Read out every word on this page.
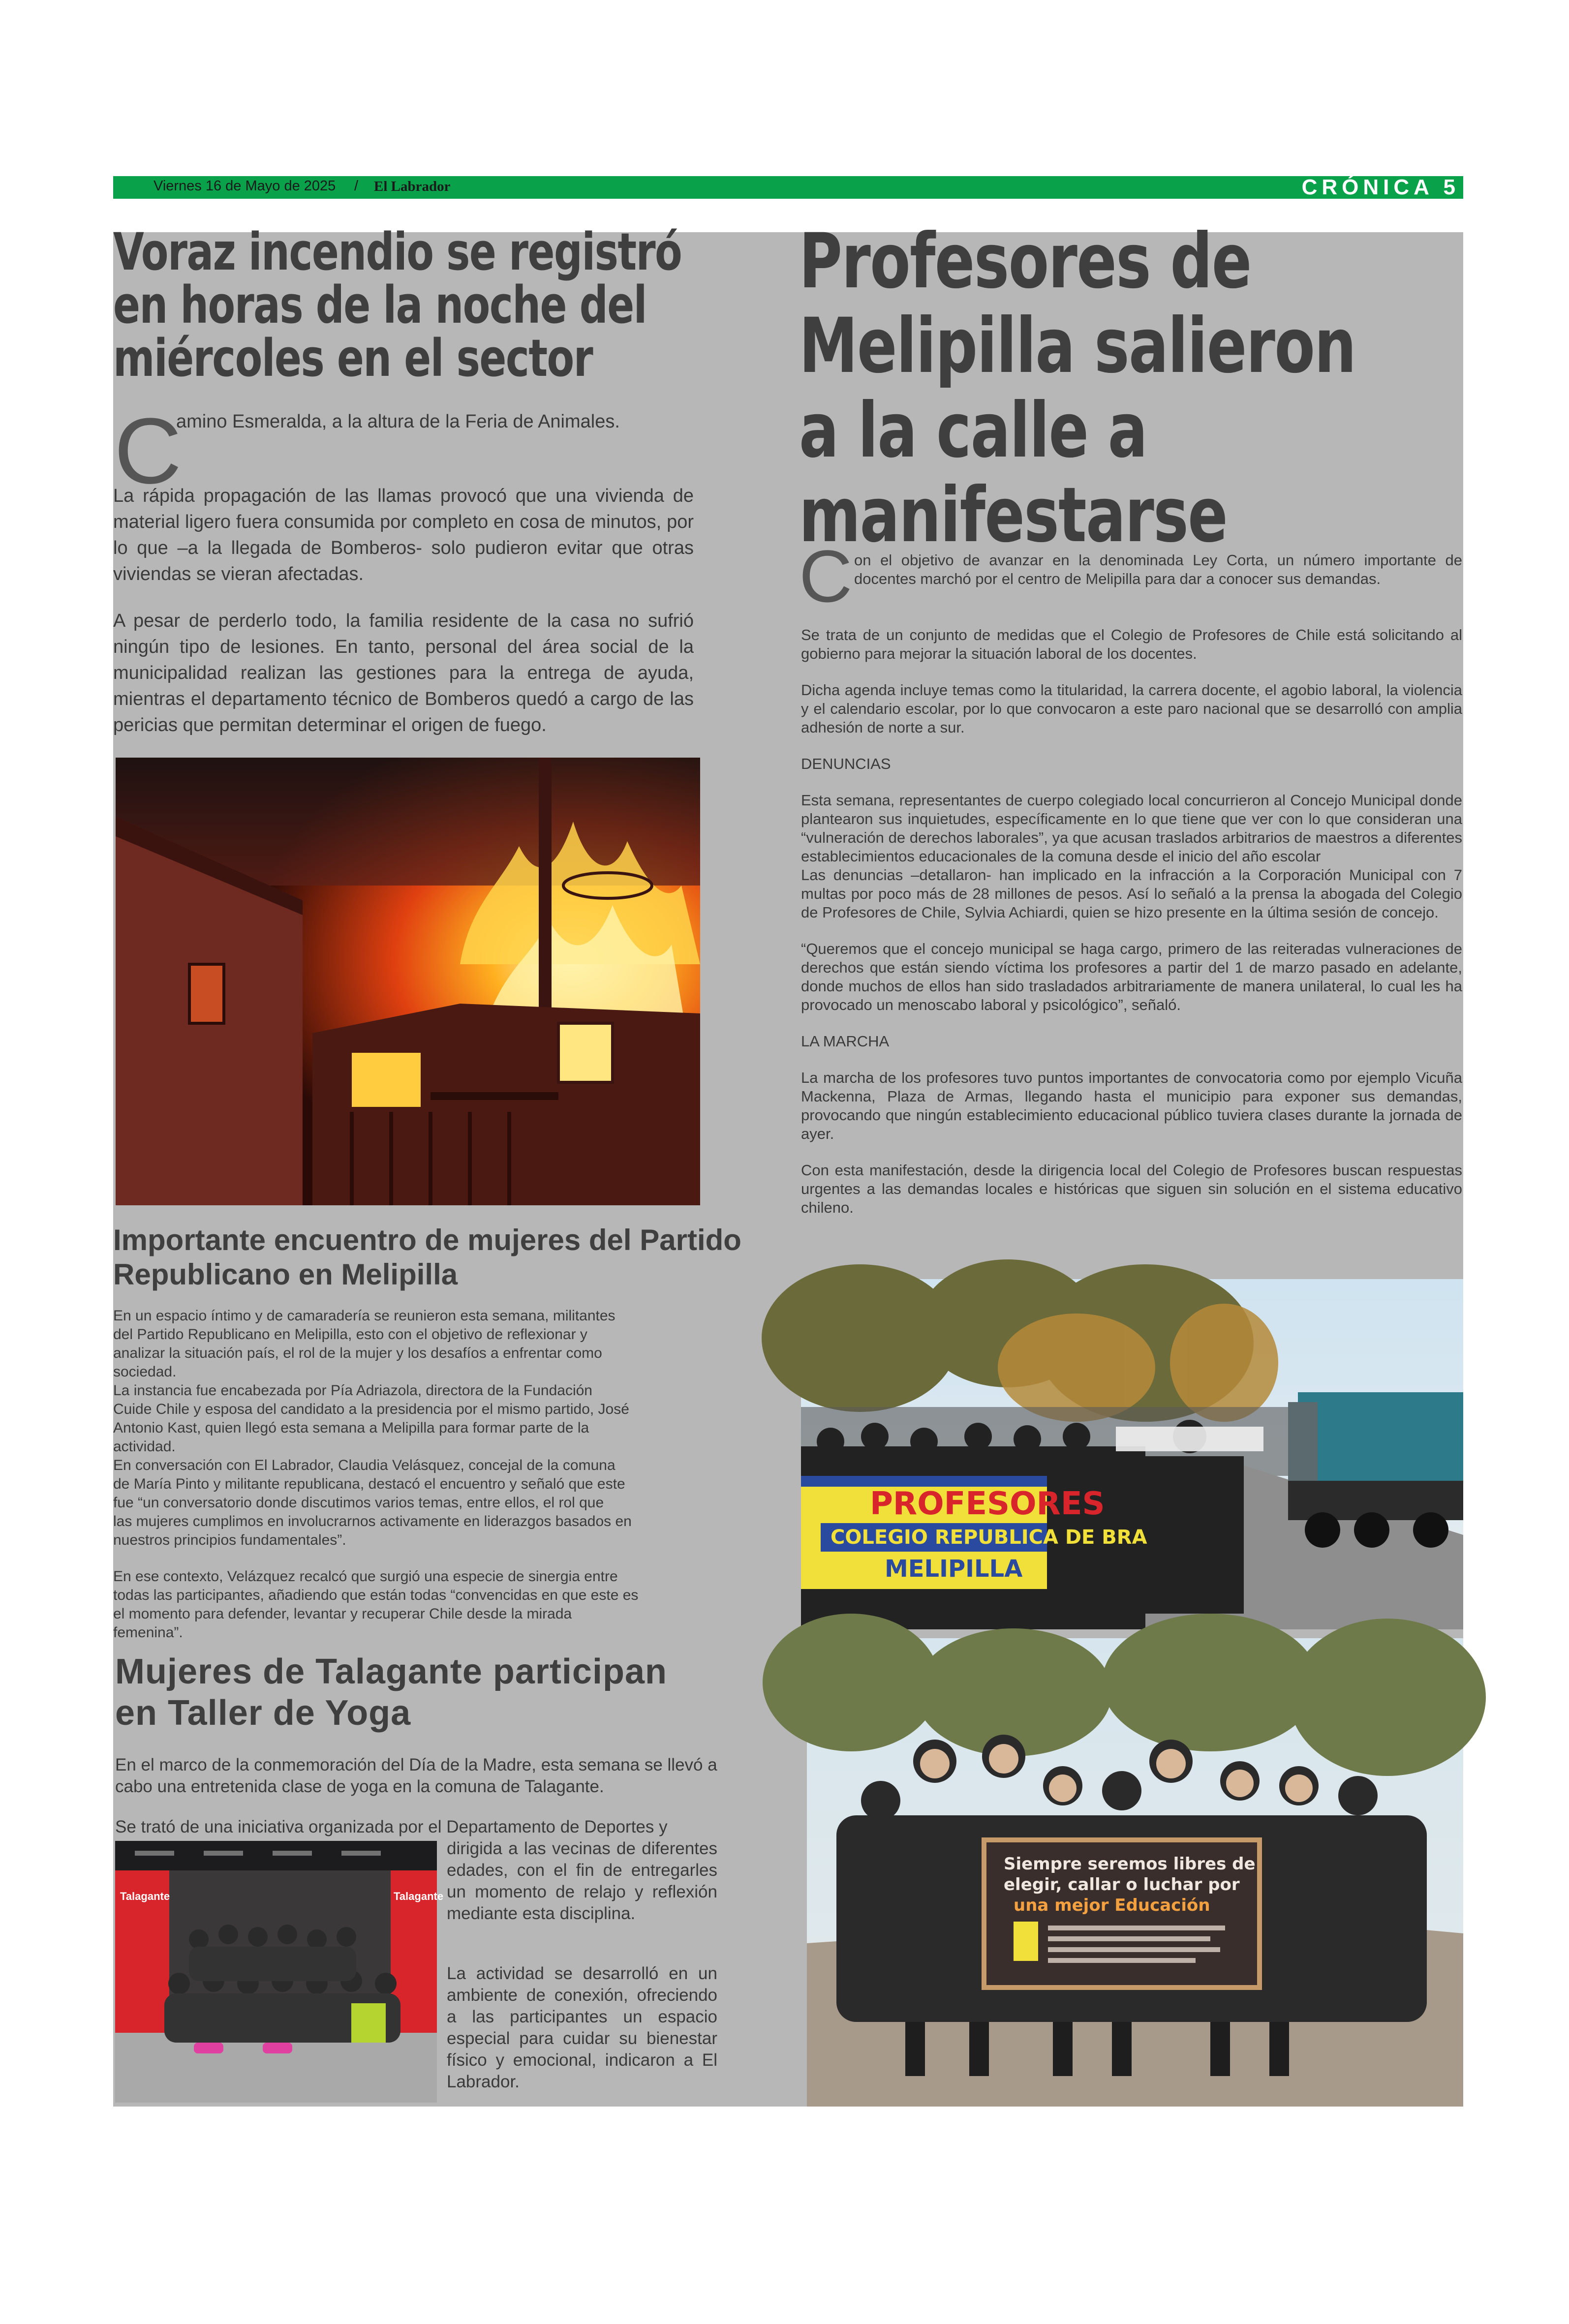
Viernes 16 de Mayo de 2025 / El Labrador	CRÓNICA 5
Voraz incendio se registró
en horas de la noche del
miércoles en el sector
C
amino Esmeralda, a la altura de la Feria de Animales.

La rápida propagación de las llamas provocó que una vivienda de material ligero fuera consumida por completo en cosa de minutos, por lo que –a la llegada de Bomberos- solo pudieron evitar que otras viviendas se vieran afectadas.

A pesar de perderlo todo, la familia residente de la casa no sufrió ningún tipo de lesiones. En tanto, personal del área social de la municipalidad realizan las gestiones para la entrega de ayuda, mientras el departamento técnico de Bomberos quedó a cargo de las pericias que permitan determinar el origen de fuego.

Importante encuentro de mujeres del Partido
Republicano en Melipilla

En un espacio íntimo y de camaradería se reunieron esta semana, militantes

del Partido Republicano en Melipilla, esto con el objetivo de reflexionar y

analizar la situación país, el rol de la mujer y los desafíos a enfrentar como

sociedad.

La instancia fue encabezada por Pía Adriazola, directora de la Fundación

Cuide Chile y esposa del candidato a la presidencia por el mismo partido, José

Antonio Kast, quien llegó esta semana a Melipilla para formar parte de la

actividad.

En conversación con El Labrador, Claudia Velásquez, concejal de la comuna

de María Pinto y militante republicana, destacó el encuentro y señaló que este

fue “un conversatorio donde discutimos varios temas, entre ellos, el rol que

las mujeres cumplimos en involucrarnos activamente en liderazgos basados en

nuestros principios fundamentales”.

En ese contexto, Velázquez recalcó que surgió una especie de sinergia entre

todas las participantes, añadiendo que están todas “convencidas en que este es

el momento para defender, levantar y recuperar Chile desde la mirada

femenina”.

Mujeres de Talagante participan
en Taller de Yoga

En el marco de la conmemoración del Día de la Madre, esta semana se llevó a cabo una entretenida clase de yoga en la comuna de Talagante.

Se trató de una iniciativa organizada por el Departamento de Deportes y

dirigida a las vecinas de diferentes edades, con el fin de entregarles un momento de relajo y reflexión mediante esta disciplina.

La actividad se desarrolló en un ambiente de conexión, ofreciendo a las participantes un espacio especial para cuidar su bienestar físico y emocional, indicaron a El Labrador.

Talagante	Talagante
Profesores de
Melipilla salieron
a la calle a
manifestarse
C on el objetivo de avanzar en la denominada Ley Corta, un número importante de docentes marchó por el centro de Melipilla para dar a conocer sus demandas.

Se trata de un conjunto de medidas que el Colegio de Profesores de Chile está solicitando al gobierno para mejorar la situación laboral de los docentes.

Dicha agenda incluye temas como la titularidad, la carrera docente, el agobio laboral, la violencia y el calendario escolar, por lo que convocaron a este paro nacional que se desarrolló con amplia adhesión de norte a sur.

DENUNCIAS

Esta semana, representantes de cuerpo colegiado local concurrieron al Concejo Municipal donde plantearon sus inquietudes, específicamente en lo que tiene que ver con lo que consideran una “vulneración de derechos laborales”, ya que acusan traslados arbitrarios de maestros a diferentes establecimientos educacionales de la comuna desde el inicio del año escolar

Las denuncias –detallaron- han implicado en la infracción a la Corporación Municipal con 7 multas por poco más de 28 millones de pesos. Así lo señaló a la prensa la abogada del Colegio de Profesores de Chile, Sylvia Achiardi, quien se hizo presente en la última sesión de concejo.

“Queremos que el concejo municipal se haga cargo, primero de las reiteradas vulneraciones de derechos que están siendo víctima los profesores a partir del 1 de marzo pasado en adelante, donde muchos de ellos han sido trasladados arbitrariamente de manera unilateral, lo cual les ha provocado un menoscabo laboral y psicológico”, señaló.

LA MARCHA

La marcha de los profesores tuvo puntos importantes de convocatoria como por ejemplo Vicuña Mackenna, Plaza de Armas, llegando hasta el municipio para exponer sus demandas, provocando que ningún establecimiento educacional público tuviera clases durante la jornada de ayer.

Con esta manifestación, desde la dirigencia local del Colegio de Profesores buscan respuestas urgentes a las demandas locales e históricas que siguen sin solución en el sistema educativo chileno.

PROFESORES
COLEGIO REPUBLICA DE BRA
MELIPILLA
Siempre seremos libres de
elegir, callar o luchar por
una mejor Educación
